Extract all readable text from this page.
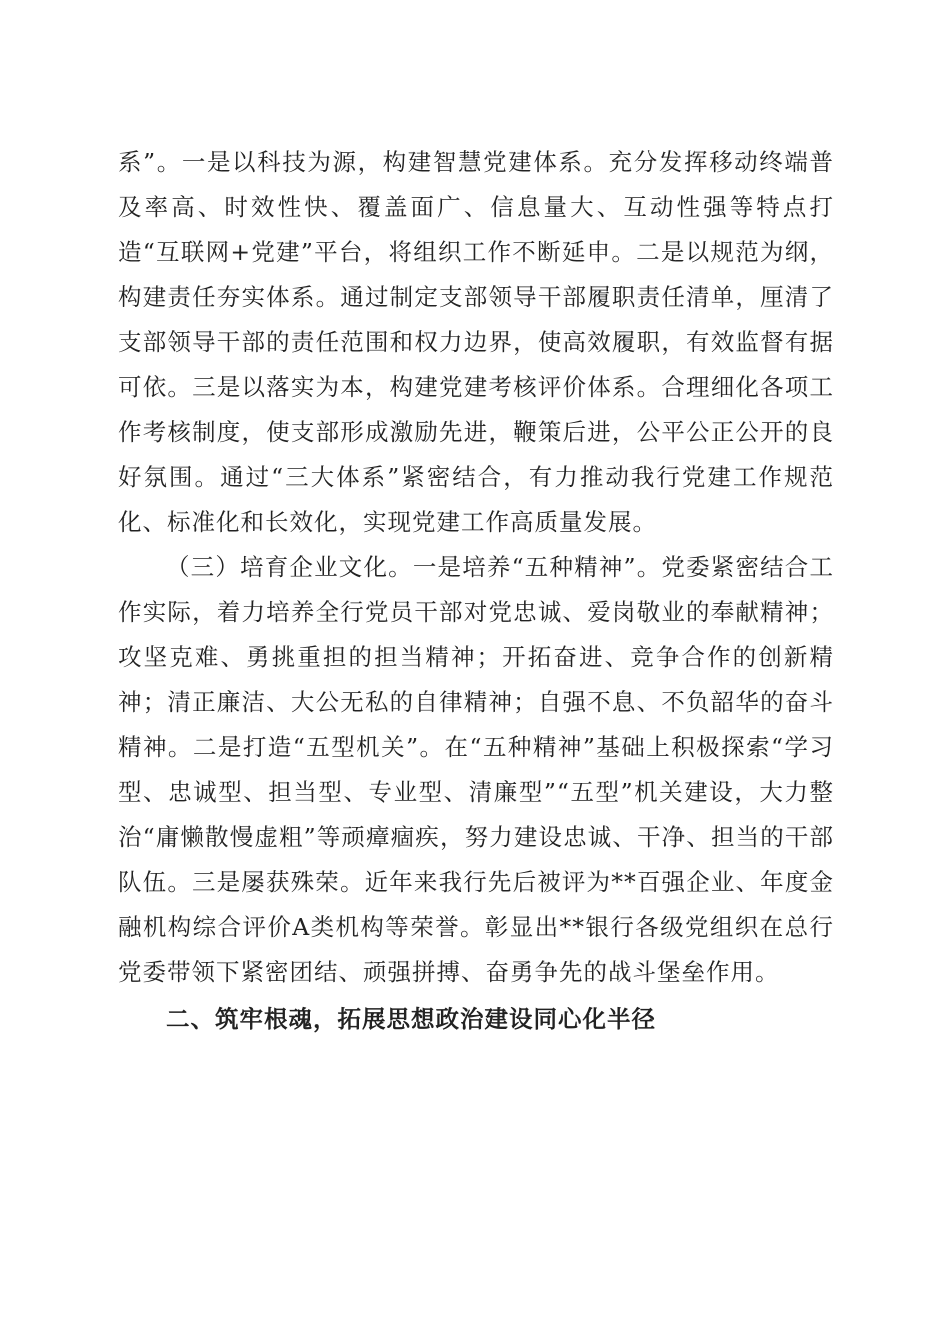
系”。一是以科技为源，构建智慧党建体系。充分发挥移动终端普及率高、时效性快、覆盖面广、信息量大、互动性强等特点打造“互联网+党建”平台，将组织工作不断延申。二是以规范为纲，构建责任夯实体系。通过制定支部领导干部履职责任清单，厘清了支部领导干部的责任范围和权力边界，使高效履职，有效监督有据可依。三是以落实为本，构建党建考核评价体系。合理细化各项工作考核制度，使支部形成激励先进，鞭策后进，公平公正公开的良好氛围。通过“三大体系”紧密结合，有力推动我行党建工作规范化、标准化和长效化，实现党建工作高质量发展。

（三）培育企业文化。一是培养“五种精神”。党委紧密结合工作实际，着力培养全行党员干部对党忠诚、爱岗敬业的奉献精神；攻坚克难、勇挑重担的担当精神；开拓奋进、竞争合作的创新精神；清正廉洁、大公无私的自律精神；自强不息、不负韶华的奋斗精神。二是打造“五型机关”。在“五种精神”基础上积极探索“学习型、忠诚型、担当型、专业型、清廉型”“五型”机关建设，大力整治“庸懒散慢虚粗”等顽瘴痼疾，努力建设忠诚、干净、担当的干部队伍。三是屡获殊荣。近年来我行先后被评为**百强企业、年度金融机构综合评价A类机构等荣誉。彰显出**银行各级党组织在总行党委带领下紧密团结、顽强拼搏、奋勇争先的战斗堡垒作用。

二、筑牢根魂，拓展思想政治建设同心化半径
